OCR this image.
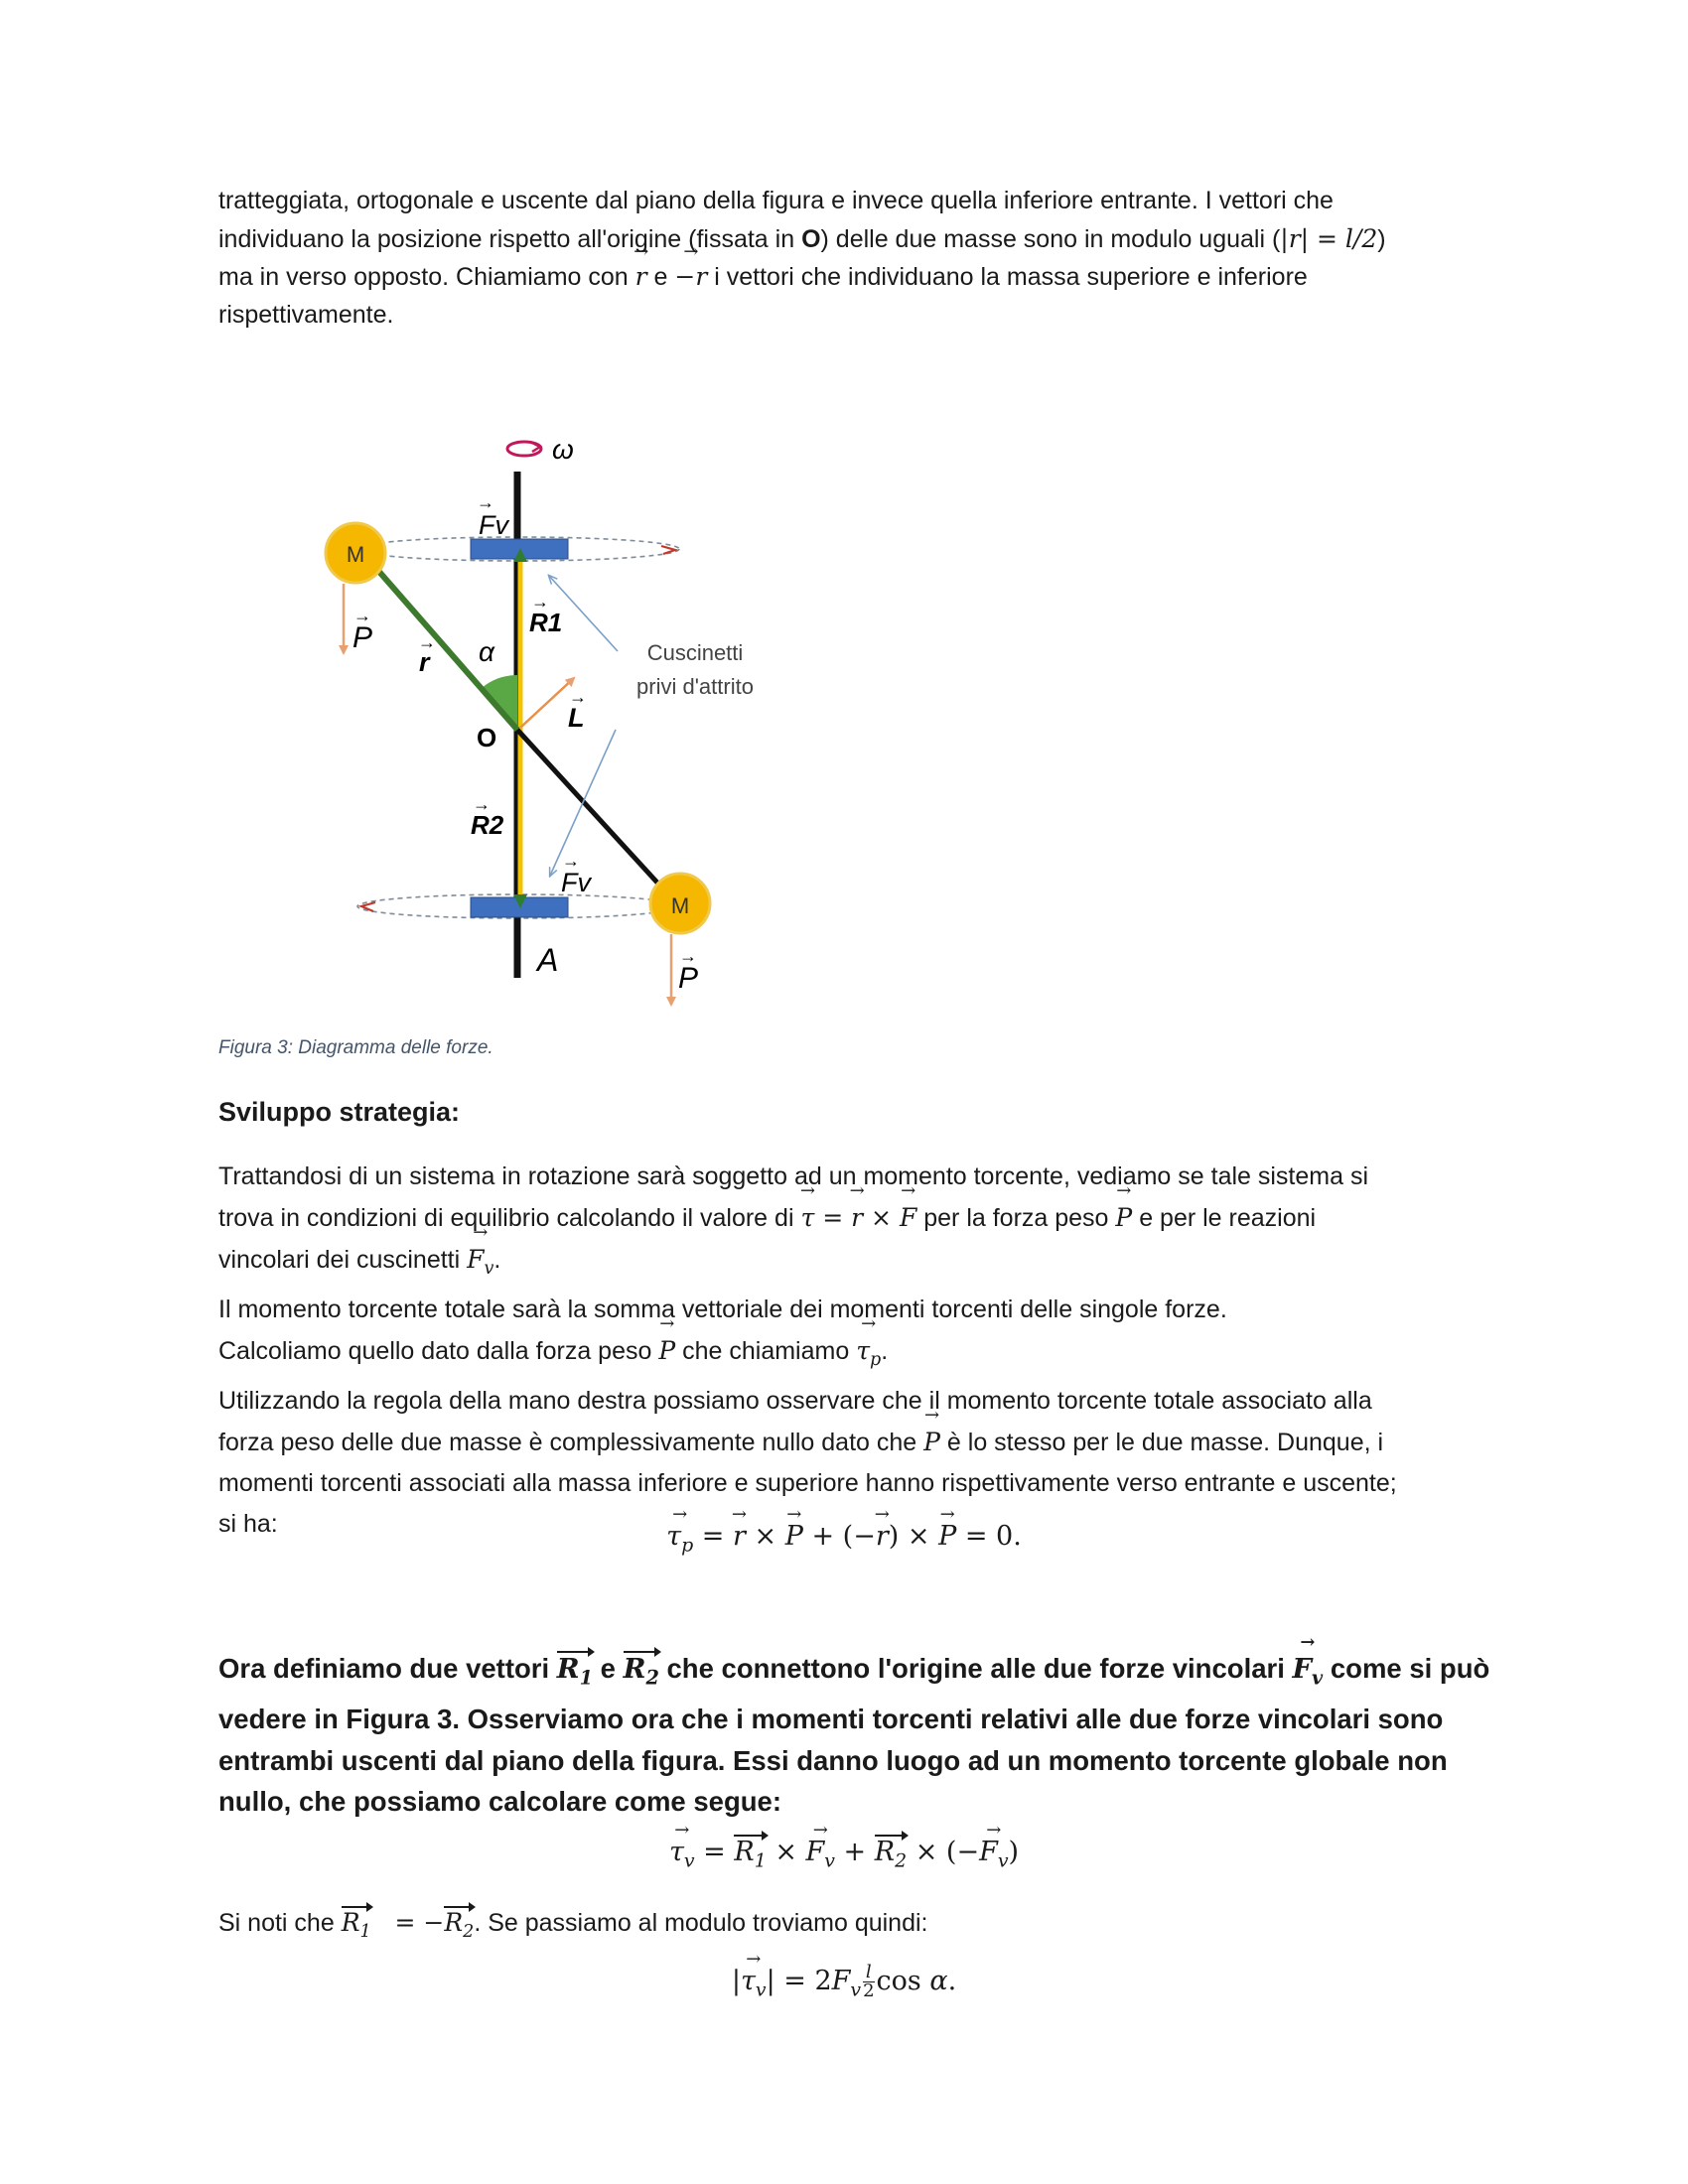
tratteggiata, ortogonale e uscente dal piano della figura e invece quella inferiore entrante. I vettori che
individuano la posizione rispetto all'origine (fissata in O) delle due masse sono in modulo uguali (|r| = l/2)
ma in verso opposto. Chiamiamo con → r e → −r i vettori che individuano la massa superiore e inferiore
rispettivamente.
ω
M
M
Fv
→
R1
→
R2
→
Fv
→
P
→
P
→
r
→ α
L
→
O
A
Cuscinetti
privi d'attrito
Figura 3: Diagramma delle forze.
Sviluppo strategia:
Trattandosi di un sistema in rotazione sarà soggetto ad un momento torcente, vediamo se tale sistema si
trova in condizioni di equilibrio calcolando il valore di → τ = → r × → F per la forza peso → P e per le reazioni
vincolari dei cuscinetti → $F_v$.
Il momento torcente totale sarà la somma vettoriale dei momenti torcenti delle singole forze.
Calcoliamo quello dato dalla forza peso → P che chiamiamo → $\tau_p$.
Utilizzando la regola della mano destra possiamo osservare che il momento torcente totale associato alla
forza peso delle due masse è complessivamente nullo dato che → P è lo stesso per le due masse. Dunque, i
momenti torcenti associati alla massa inferiore e superiore hanno rispettivamente verso entrante e uscente;
si ha:
→	$\tau_p$ = → r × → P + (−→ r) × → P = 0.
Ora definiamo due vettori $R_1$ e $R_2$ che connettono l'origine alle due forze vincolari → $F_v$ come si può
vedere in Figura 3. Osserviamo ora che i momenti torcenti relativi alle due forze vincolari sono
entrambi uscenti dal piano della figura. Essi danno luogo ad un momento torcente globale non
nullo, che possiamo calcolare come segue:
→ $\tau_v = R_1$ × → $F_v + R_2$ × (−→ $F_v$)
Si noti che $R_1 = -R_2$. Se passiamo al modulo troviamo quindi:
|→ $\tau_v| = 2F_v \frac{l}{2}$ cos α.
